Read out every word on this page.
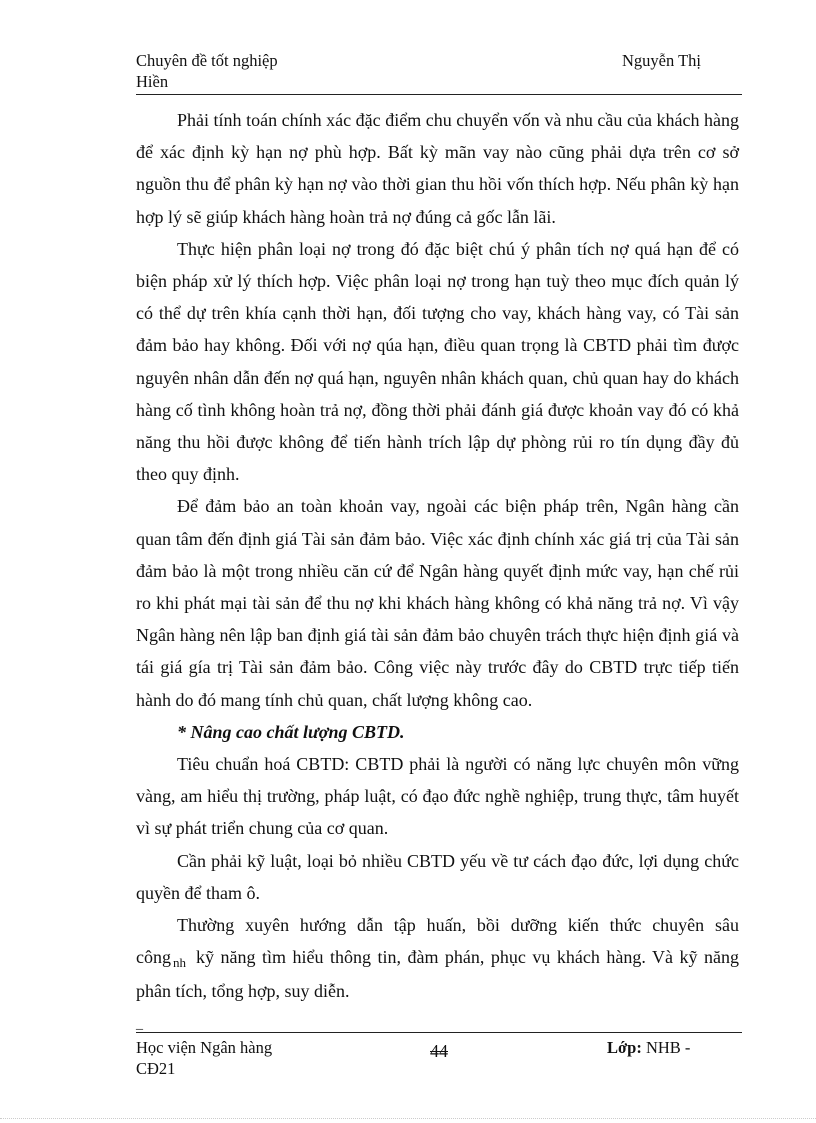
Chuyên đề tốt nghiệp
Hiền
Nguyễn Thị

Phải tính toán chính xác đặc điểm chu chuyển vốn và nhu cầu của khách hàng để xác định kỳ hạn nợ phù hợp. Bất kỳ mãn vay nào cũng phải dựa trên cơ sở nguồn thu để phân kỳ hạn nợ vào thời gian thu hồi vốn thích hợp. Nếu phân kỳ hạn hợp lý sẽ giúp khách hàng hoàn trả nợ đúng cả gốc lẫn lãi.

Thực hiện phân loại nợ trong đó đặc biệt chú ý phân tích nợ quá hạn để có biện pháp xử lý thích hợp. Việc phân loại nợ trong hạn tuỳ theo mục đích quản lý có thể dự trên khía cạnh thời hạn, đối tượng cho vay, khách hàng vay, có Tài sản đảm bảo hay không. Đối với nợ qúa hạn, điều quan trọng là CBTD phải tìm được nguyên nhân dẫn đến nợ quá hạn, nguyên nhân khách quan, chủ quan hay do khách hàng cố tình không hoàn trả nợ, đồng thời phải đánh giá được khoản vay đó có khả năng thu hồi được không để tiến hành trích lập dự phòng rủi ro tín dụng đầy đủ theo quy định.

Để đảm bảo an toàn khoản vay, ngoài các biện pháp trên, Ngân hàng cần quan tâm đến định giá Tài sản đảm bảo. Việc xác định chính xác giá trị của Tài sản đảm bảo là một trong nhiều căn cứ để Ngân hàng quyết định mức vay, hạn chế rủi ro khi phát mại tài sản để thu nợ khi khách hàng không có khả năng trả nợ. Vì vậy Ngân hàng nên lập ban định giá tài sản đảm bảo chuyên trách thực hiện định giá và tái giá gía trị Tài sản đảm bảo. Công việc này trước đây do CBTD trực tiếp tiến hành do đó mang tính chủ quan, chất lượng không cao.

* Nâng cao chất lượng CBTD.

Tiêu chuẩn hoá CBTD: CBTD phải là người có năng lực chuyên môn vững vàng, am hiểu thị trường, pháp luật, có đạo đức nghề nghiệp, trung thực, tâm huyết vì sự phát triển chung của cơ quan.

Cần phải kỹ luật, loại bỏ nhiều CBTD yếu về tư cách đạo đức, lợi dụng chức quyền để tham ô.

Thường xuyên hướng dẫn tập huấn, bồi dưỡng kiến thức chuyên sâu công $_{nh}$ kỹ năng tìm hiểu thông tin, đàm phán, phục vụ khách hàng. Và kỹ năng phân tích, tổng hợp, suy diễn.

_
Học viện Ngân hàng
CĐ21
44	Lớp: NHB -
